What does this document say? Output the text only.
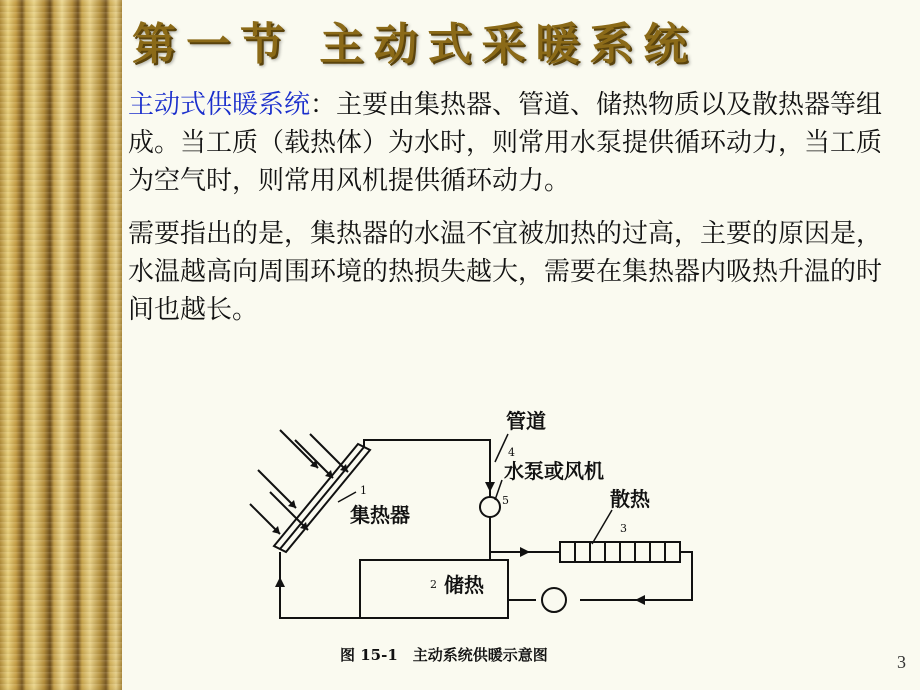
第一节 主动式采暖系统
主动式供暖系统：主要由集热器、管道、储热物质以及散热器等组成。当工质（载热体）为水时，则常用水泵提供循环动力，当工质为空气时，则常用风机提供循环动力。
需要指出的是，集热器的水温不宜被加热的过高，主要的原因是，水温越高向周围环境的热损失越大，需要在集热器内吸热升温的时间也越长。
管道
4
水泵或风机
5	散热
3
1
集热器
2 储热
图 15-1　主动系统供暖示意图	3
